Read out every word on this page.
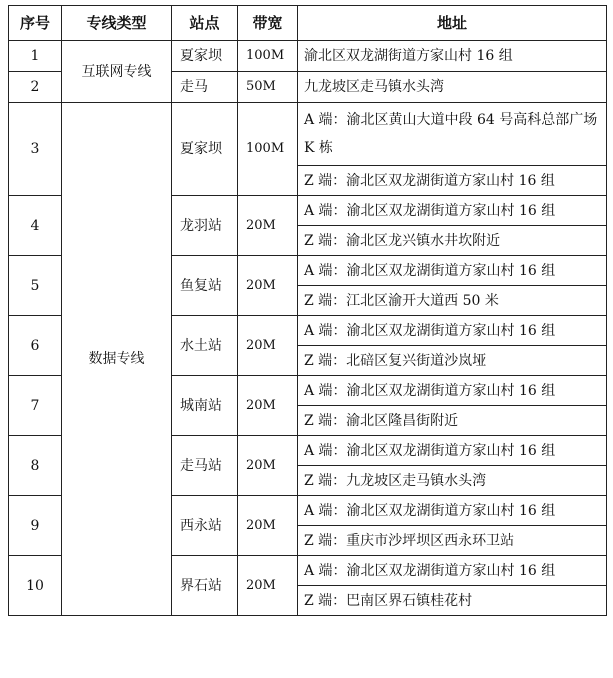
序号	专线类型	站点	带宽	地址
1	互联网专线	夏家坝	100M	渝北区双龙湖街道方家山村 16 组
2		走马	50M	九龙坡区走马镇水头湾
3	数据专线	夏家坝	100M	A 端：渝北区黄山大道中段 64 号高科总部广场 K 栋
				Z 端：渝北区双龙湖街道方家山村 16 组
4		龙羽站	20M	A 端：渝北区双龙湖街道方家山村 16 组
				Z 端：渝北区龙兴镇水井坎附近
5		鱼复站	20M	A 端：渝北区双龙湖街道方家山村 16 组
				Z 端：江北区渝开大道西 50 米
6		水土站	20M	A 端：渝北区双龙湖街道方家山村 16 组
				Z 端：北碚区复兴街道沙岚垭
7		城南站	20M	A 端：渝北区双龙湖街道方家山村 16 组
				Z 端：渝北区隆昌街附近
8		走马站	20M	A 端：渝北区双龙湖街道方家山村 16 组
				Z 端：九龙坡区走马镇水头湾
9		西永站	20M	A 端：渝北区双龙湖街道方家山村 16 组
				Z 端：重庆市沙坪坝区西永环卫站
10		界石站	20M	A 端：渝北区双龙湖街道方家山村 16 组
				Z 端：巴南区界石镇桂花村
